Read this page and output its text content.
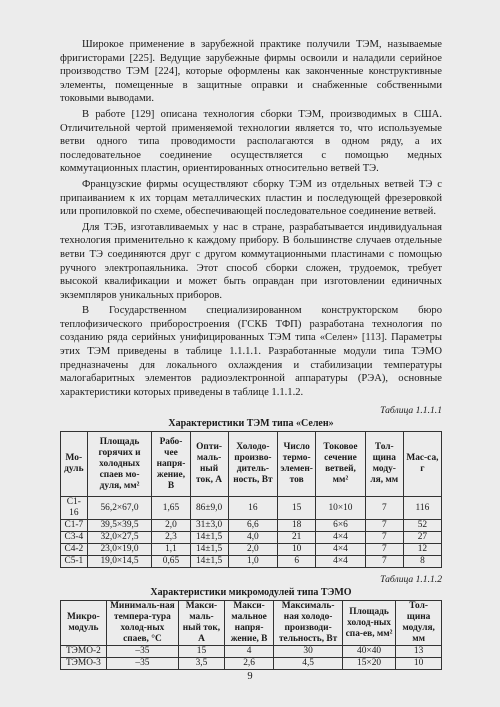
Широкое применение в зарубежной практике получили ТЭМ, называемые фригисторами [225]. Ведущие зарубежные фирмы освоили и наладили серийное производство ТЭМ [224], которые оформлены как законченные конструктивные элементы, помещенные в защитные оправки и снабженные собственными токовыми выводами.

В работе [129] описана технология сборки ТЭМ, производимых в США. Отличительной чертой применяемой технологии является то, что используемые ветви одного типа проводимости располагаются в одном ряду, а их последовательное соединение осуществляется с помощью медных коммутационных пластин, ориентированных относительно ветвей ТЭ.

Французские фирмы осуществляют сборку ТЭМ из отдельных ветвей ТЭ с припаиванием к их торцам металлических пластин и последующей фрезеровкой или пропиловкой по схеме, обеспечивающей последовательное соединение ветвей.

Для ТЭБ, изготавливаемых у нас в стране, разрабатывается индивидуальная технология применительно к каждому прибору. В большинстве случаев отдельные ветви ТЭ соединяются друг с другом коммутационными пластинами с помощью ручного электропаяльника. Этот способ сборки сложен, трудоемок, требует высокой квалификации и может быть оправдан при изготовлении единичных экземпляров уникальных приборов.

В Государственном специализированном конструкторском бюро теплофизического приборостроения (ГСКБ ТФП) разработана технология по созданию ряда серийных унифицированных ТЭМ типа «Селен» [113]. Параметры этих ТЭМ приведены в таблице 1.1.1.1. Разработанные модули типа ТЭМО предназначены для локального охлаждения и стабилизации температуры малогабаритных элементов радиоэлектронной аппаратуры (РЭА), основные характеристики которых приведены в таблице 1.1.1.2.

Таблица 1.1.1.1
Характеристики ТЭМ типа «Селен»
Мо-дуль	Площадь горячих и холодных спаев мо-дуля, мм²	Рабо-чее напря-жение, В	Опти-маль-ный ток, А	Холодо-произво-дитель-ность, Вт	Число термо-элемен-тов	Токовое сечение ветвей, мм²	Тол-щина моду-ля, мм	Мас-са, г
С1-16	56,2×67,0	1,65	86±9,0	16	15	10×10	7	116
С1-7	39,5×39,5	2,0	31±3,0	6,6	18	6×6	7	52
С3-4	32,0×27,5	2,3	14±1,5	4,0	21	4×4	7	27
С4-2	23,0×19,0	1,1	14±1,5	2,0	10	4×4	7	12
С5-1	19,0×14,5	0,65	14±1,5	1,0	6	4×4	7	8
Таблица 1.1.1.2
Характеристики микромодулей типа ТЭМО
Микро-модуль	Минималь-ная темпера-тура холод-ных спаев, °С	Макси-маль-ный ток, А	Макси-мальное напря-жение, В	Максималь-ная холодо-производи-тельность, Вт	Площадь холод-ных спа-ев, мм²	Тол-щина модуля, мм
ТЭМО-2	–35	15	4	30	40×40	13
ТЭМО-3	–35	3,5	2,6	4,5	15×20	10
9
